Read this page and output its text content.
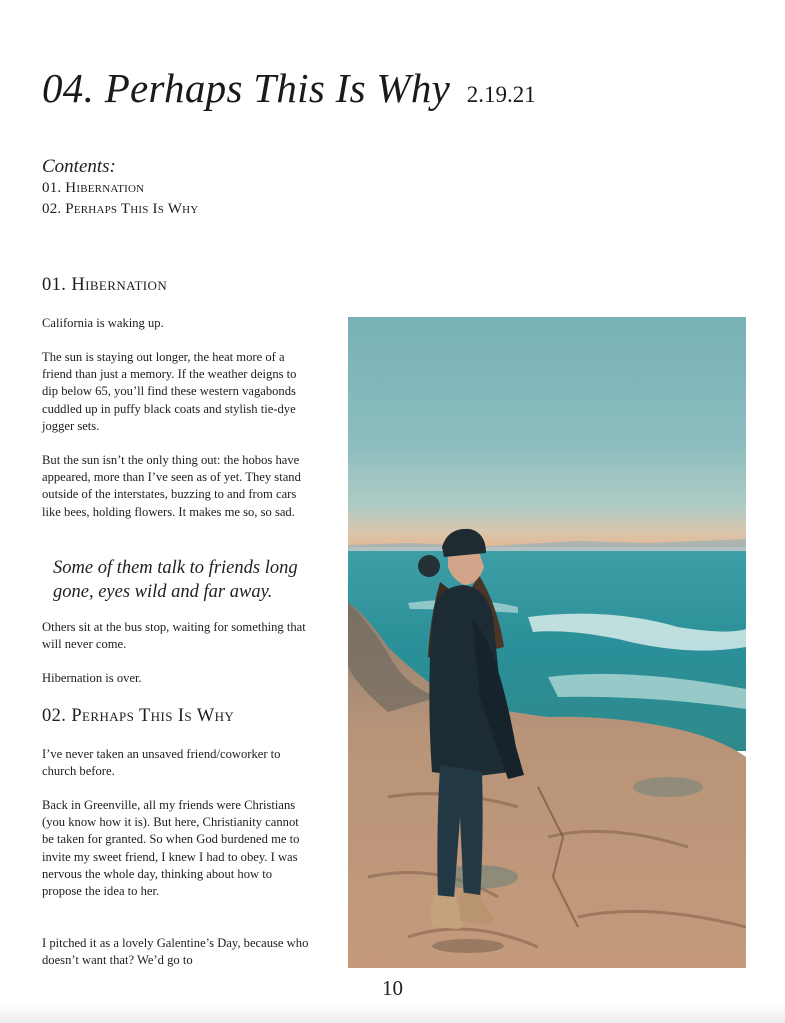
04. Perhaps This Is Why 2.19.21
Contents:
01. Hibernation
02. Perhaps This Is Why
01. Hibernation

California is waking up.

The sun is staying out longer, the heat more of a friend than just a memory. If the weather deigns to dip below 65, you’ll find these western vagabonds cuddled up in puffy black coats and stylish tie-dye jogger sets.

But the sun isn’t the only thing out: the hobos have appeared, more than I’ve seen as of yet. They stand outside of the interstates, buzzing to and from cars like bees, holding flowers. It makes me so, so sad.

Some of them talk to friends long gone, eyes wild and far away.

Others sit at the bus stop, waiting for something that will never come.

Hibernation is over.

02. Perhaps This Is Why

I’ve never taken an unsaved friend/coworker to church before.

Back in Greenville, all my friends were Christians (you know how it is). But here, Christianity cannot be taken for granted. So when God burdened me to invite my sweet friend, I knew I had to obey. I was nervous the whole day, thinking about how to propose the idea to her.

I pitched it as a lovely Galentine’s Day, because who doesn’t want that? We’d go to

10
